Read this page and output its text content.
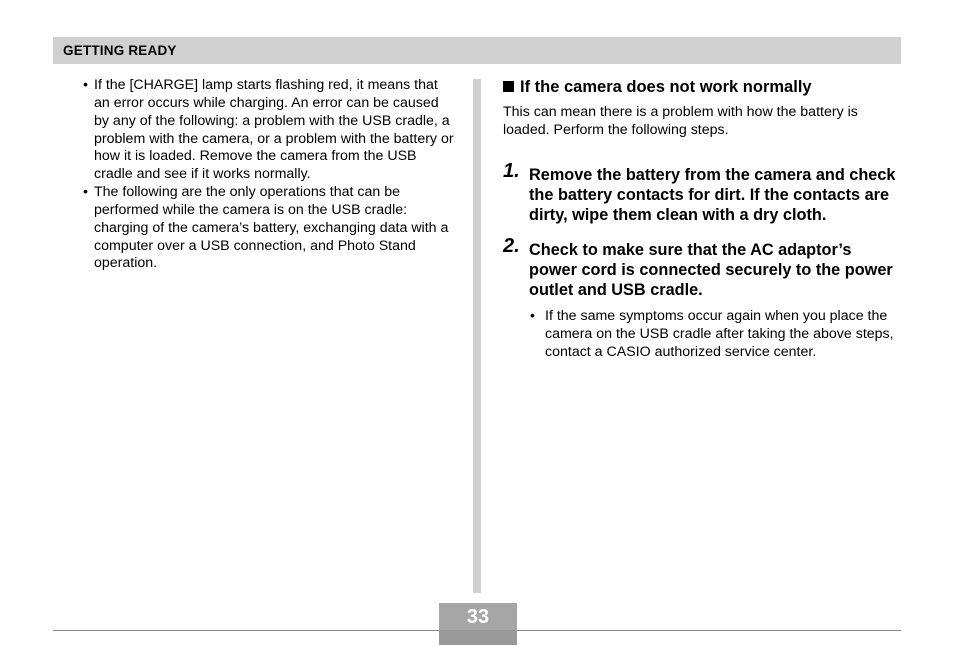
GETTING READY
• If the [CHARGE] lamp starts flashing red, it means that an error occurs while charging. An error can be caused by any of the following: a problem with the USB cradle, a problem with the camera, or a problem with the battery or how it is loaded. Remove the camera from the USB cradle and see if it works normally.
• The following are the only operations that can be performed while the camera is on the USB cradle: charging of the camera’s battery, exchanging data with a computer over a USB connection, and Photo Stand operation.
If the camera does not work normally
This can mean there is a problem with how the battery is loaded. Perform the following steps.
1. Remove the battery from the camera and check the battery contacts for dirt. If the contacts are dirty, wipe them clean with a dry cloth.
2. Check to make sure that the AC adaptor’s power cord is connected securely to the power outlet and USB cradle.
• If the same symptoms occur again when you place the camera on the USB cradle after taking the above steps, contact a CASIO authorized service center.
33
